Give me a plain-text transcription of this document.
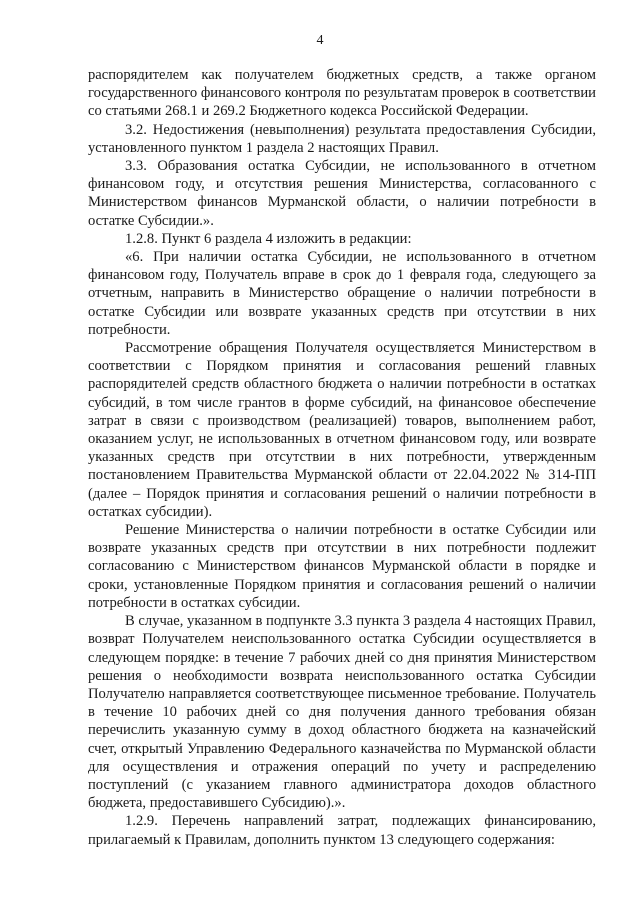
4

распорядителем как получателем бюджетных средств, а также органом государственного финансового контроля по результатам проверок в соответствии со статьями 268.1 и 269.2 Бюджетного кодекса Российской Федерации.

3.2. Недостижения (невыполнения) результата предоставления Субсидии, установленного пунктом 1 раздела 2 настоящих Правил.

3.3. Образования остатка Субсидии, не использованного в отчетном финансовом году, и отсутствия решения Министерства, согласованного с Министерством финансов Мурманской области, о наличии потребности в остатке Субсидии.».

1.2.8. Пункт 6 раздела 4 изложить в редакции:

«6. При наличии остатка Субсидии, не использованного в отчетном финансовом году, Получатель вправе в срок до 1 февраля года, следующего за отчетным, направить в Министерство обращение о наличии потребности в остатке Субсидии или возврате указанных средств при отсутствии в них потребности.

Рассмотрение обращения Получателя осуществляется Министерством в соответствии с Порядком принятия и согласования решений главных распорядителей средств областного бюджета о наличии потребности в остатках субсидий, в том числе грантов в форме субсидий, на финансовое обеспечение затрат в связи с производством (реализацией) товаров, выполнением работ, оказанием услуг, не использованных в отчетном финансовом году, или возврате указанных средств при отсутствии в них потребности, утвержденным постановлением Правительства Мурманской области от 22.04.2022 № 314-ПП (далее – Порядок принятия и согласования решений о наличии потребности в остатках субсидии).

Решение Министерства о наличии потребности в остатке Субсидии или возврате указанных средств при отсутствии в них потребности подлежит согласованию с Министерством финансов Мурманской области в порядке и сроки, установленные Порядком принятия и согласования решений о наличии потребности в остатках субсидии.

В случае, указанном в подпункте 3.3 пункта 3 раздела 4 настоящих Правил, возврат Получателем неиспользованного остатка Субсидии осуществляется в следующем порядке: в течение 7 рабочих дней со дня принятия Министерством решения о необходимости возврата неиспользованного остатка Субсидии Получателю направляется соответствующее письменное требование. Получатель в течение 10 рабочих дней со дня получения данного требования обязан перечислить указанную сумму в доход областного бюджета на казначейский счет, открытый Управлению Федерального казначейства по Мурманской области для осуществления и отражения операций по учету и распределению поступлений (с указанием главного администратора доходов областного бюджета, предоставившего Субсидию).».

1.2.9. Перечень направлений затрат, подлежащих финансированию, прилагаемый к Правилам, дополнить пунктом 13 следующего содержания:
